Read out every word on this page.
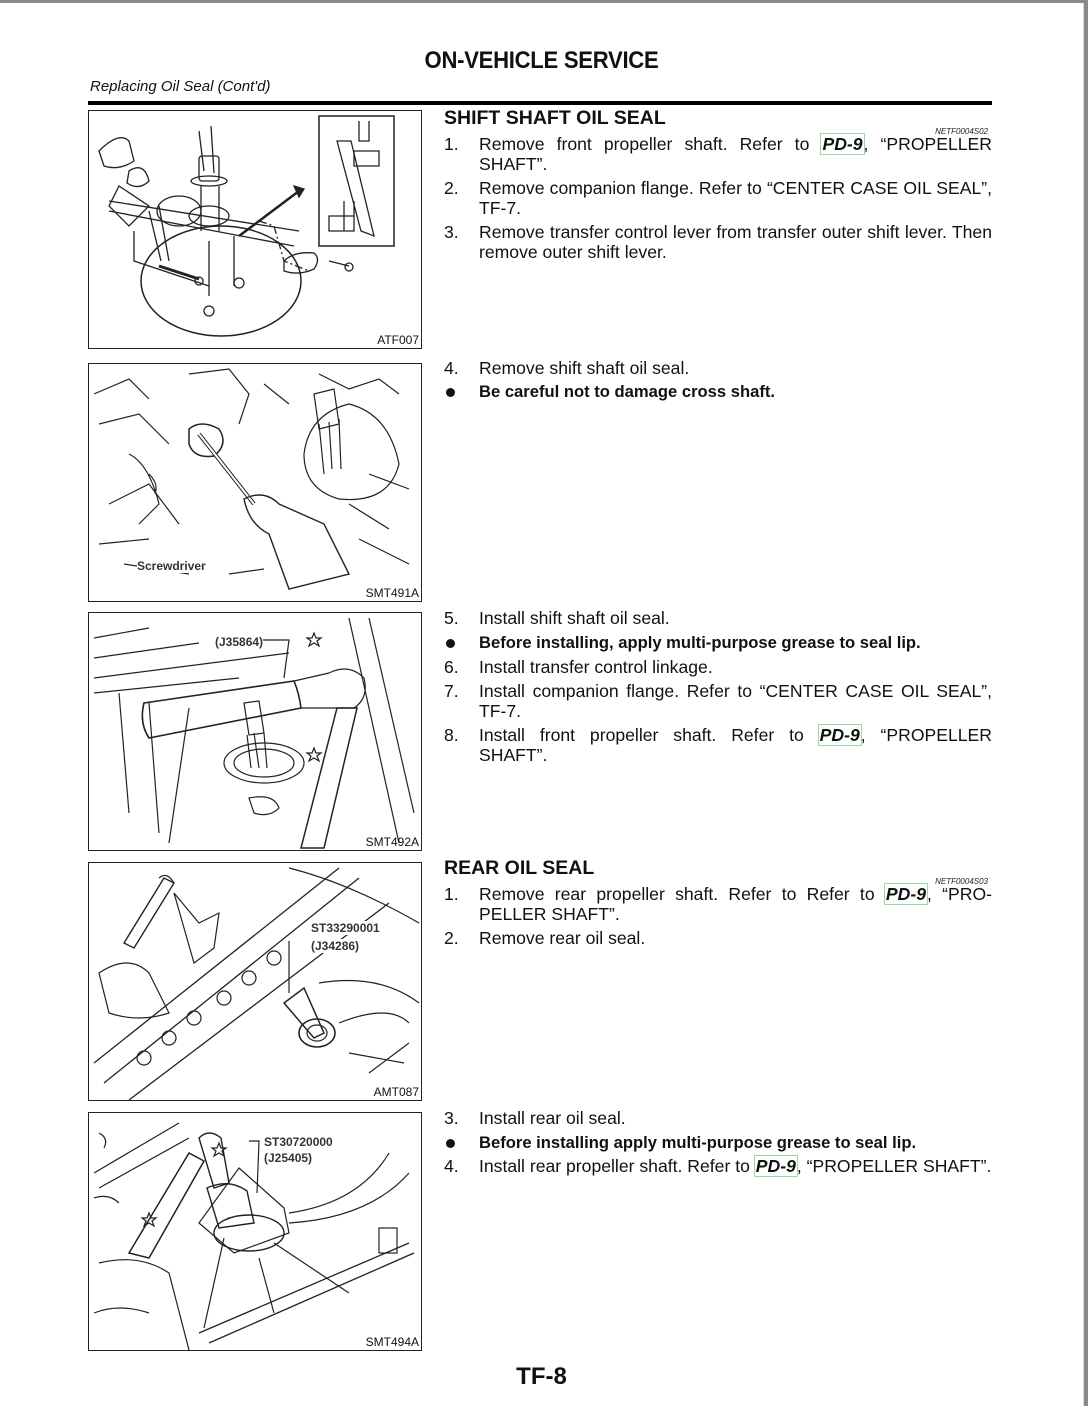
ON-VEHICLE SERVICE
Replacing Oil Seal (Cont'd)
ATF007
Screwdriver
SMT491A
(J35864)
SMT492A
ST33290001
(J34286)
AMT087
ST30720000
(J25405)
SMT494A
SHIFT SHAFT OIL SEAL
NETF0004S02
1. Remove front propeller shaft. Refer to PD-9, “PROPELLER SHAFT”.
2. Remove companion flange. Refer to “CENTER CASE OIL SEAL”, TF-7.
3. Remove transfer control lever from transfer outer shift lever. Then remove outer shift lever.
4. Remove shift shaft oil seal.
Be careful not to damage cross shaft.
5. Install shift shaft oil seal.
Before installing, apply multi-purpose grease to seal lip.
6. Install transfer control linkage.
7. Install companion flange. Refer to “CENTER CASE OIL SEAL”, TF-7.
8. Install front propeller shaft. Refer to PD-9, “PROPELLER SHAFT”.
REAR OIL SEAL
NETF0004S03
1. Remove rear propeller shaft. Refer to Refer to PD-9, “PRO-PELLER SHAFT”.
2. Remove rear oil seal.
3. Install rear oil seal.
Before installing apply multi-purpose grease to seal lip.
4. Install rear propeller shaft. Refer to PD-9, “PROPELLER SHAFT”.
TF-8
